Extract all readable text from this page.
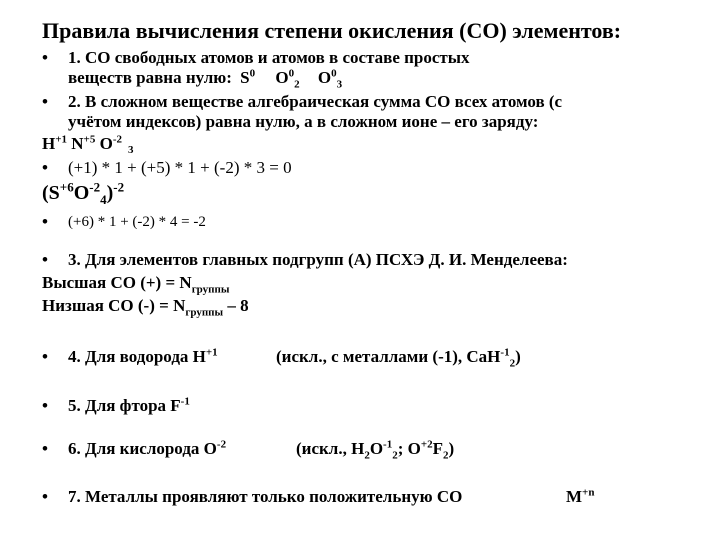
Правила вычисления степени окисления (СО) элементов:
• 1. CO свободных атомов и атомов в составе простых
веществ равна нулю: $S^0$ $O^0_2$ $O^0_3$
• 2. В сложном веществе алгебраическая сумма СО всех атомов (с
учётом индексов) равна нулю, а в сложном ионе – его заряду:
$H^{+1}$ $N^{+5}$ $O^{-2}_3$
• (+1) * 1 + (+5) * 1 + (-2) * 3 = 0
$(S^{+6}O^{-2}_4)^{-2}$
• (+6) * 1 + (-2) * 4 = -2
• 3. Для элементов главных подгрупп (А) ПСХЭ Д. И. Менделеева:
Высшая СО (+) = $N_{группы}$
Низшая СО (-) = $N_{группы} - 8$
• 4. Для водорода $H^{+1}$	(искл., с металлами (-1), CaH$^{-1}_2$)
• 5. Для фтора $F^{-1}$
• 6. Для кислорода $O^{-2}$	(искл., $H_2O^{-1}_2$; $O^{+2}F_2$)
• 7. Металлы проявляют только положительную СО	$M^{+n}$
